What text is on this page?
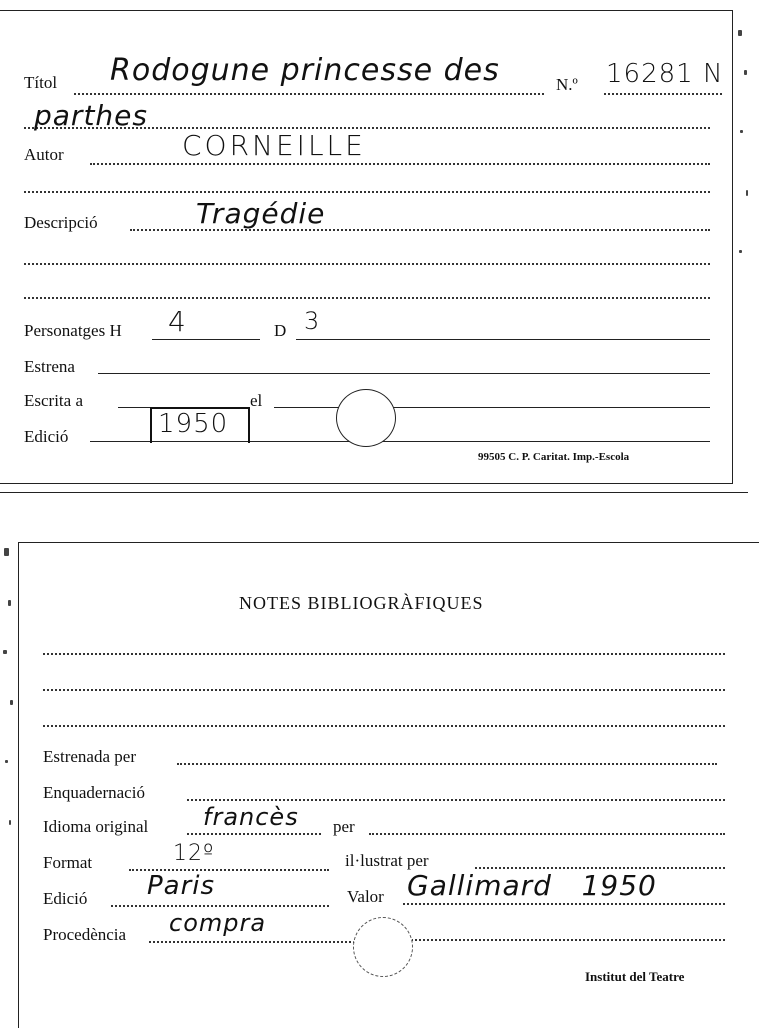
Títol Rodogune princesse des	N.º 16281 N
parthes
Autor	CORNEILLE
Descripció	Tragédie
Personatges H 4	D 3
Estrena
Escrita a	el
Edició	1950
99505 C. P. Caritat. Imp.-Escola
NOTES BIBLIOGRÀFIQUES
Estrenada per
Enquadernació
Idioma original francès per
Format	12º	il·lustrat per
Edició Paris	Valor Gallimard   1950
Procedència compra
Institut del Teatre
